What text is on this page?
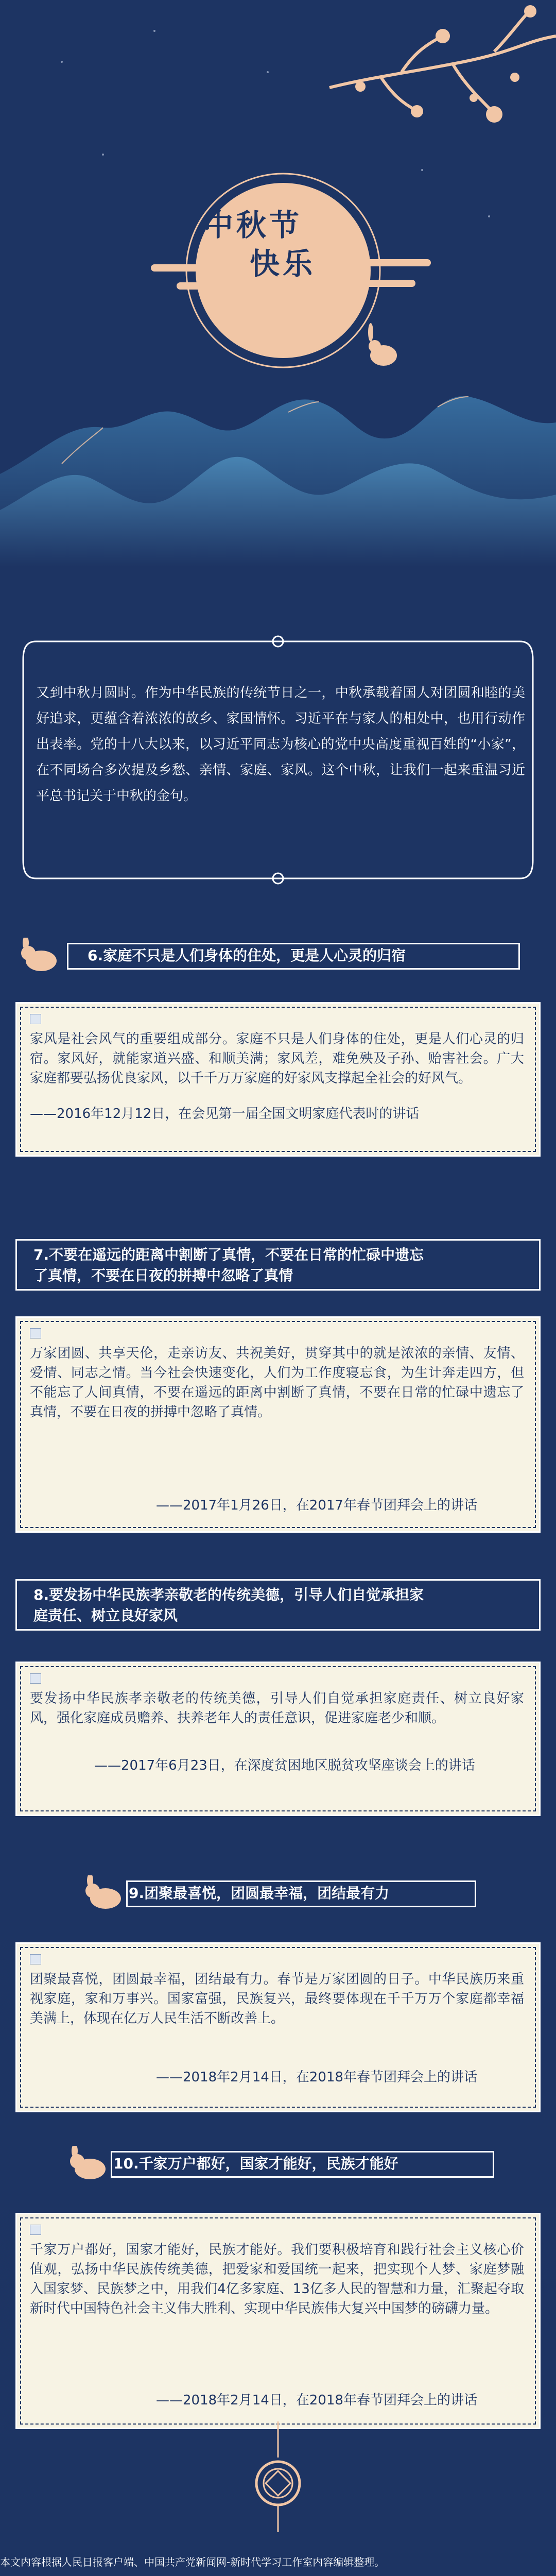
中秋节
快乐
又到中秋月圆时。作为中华民族的传统节日之一，中秋承载着国人对团圆和睦的美好追求，更蕴含着浓浓的故乡、家国情怀。习近平在与家人的相处中，也用行动作出表率。党的十八大以来，以习近平同志为核心的党中央高度重视百姓的“小家”，在不同场合多次提及乡愁、亲情、家庭、家风。这个中秋，让我们一起来重温习近平总书记关于中秋的金句。
6.家庭不只是人们身体的住处，更是人心灵的归宿
家风是社会风气的重要组成部分。家庭不只是人们身体的住处，更是人们心灵的归宿。家风好，就能家道兴盛、和顺美满；家风差，难免殃及子孙、贻害社会。广大家庭都要弘扬优良家风，以千千万万家庭的好家风支撑起全社会的好风气。
——2016年12月12日，在会见第一届全国文明家庭代表时的讲话
7.不要在遥远的距离中割断了真情，不要在日常的忙碌中遗忘
了真情，不要在日夜的拼搏中忽略了真情
万家团圆、共享天伦，走亲访友、共祝美好，贯穿其中的就是浓浓的亲情、友情、爱情、同志之情。当今社会快速变化，人们为工作度寝忘食，为生计奔走四方，但不能忘了人间真情，不要在遥远的距离中割断了真情，不要在日常的忙碌中遗忘了真情，不要在日夜的拼搏中忽略了真情。
——2017年1月26日，在2017年春节团拜会上的讲话
8.要发扬中华民族孝亲敬老的传统美德，引导人们自觉承担家
庭责任、树立良好家风
要发扬中华民族孝亲敬老的传统美德，引导人们自觉承担家庭责任、树立良好家风，强化家庭成员赡养、扶养老年人的责任意识，促进家庭老少和顺。
——2017年6月23日，在深度贫困地区脱贫攻坚座谈会上的讲话
9.团聚最喜悦，团圆最幸福，团结最有力
团聚最喜悦，团圆最幸福，团结最有力。春节是万家团圆的日子。中华民族历来重视家庭，家和万事兴。国家富强，民族复兴，最终要体现在千千万万个家庭都幸福美满上，体现在亿万人民生活不断改善上。
——2018年2月14日，在2018年春节团拜会上的讲话
10.千家万户都好，国家才能好，民族才能好
千家万户都好，国家才能好，民族才能好。我们要积极培育和践行社会主义核心价值观，弘扬中华民族传统美德，把爱家和爱国统一起来，把实现个人梦、家庭梦融入国家梦、民族梦之中，用我们4亿多家庭、13亿多人民的智慧和力量，汇聚起夺取新时代中国特色社会主义伟大胜利、实现中华民族伟大复兴中国梦的磅礴力量。
——2018年2月14日，在2018年春节团拜会上的讲话
本文内容根据人民日报客户端、中国共产党新闻网-新时代学习工作室内容编辑整理。
